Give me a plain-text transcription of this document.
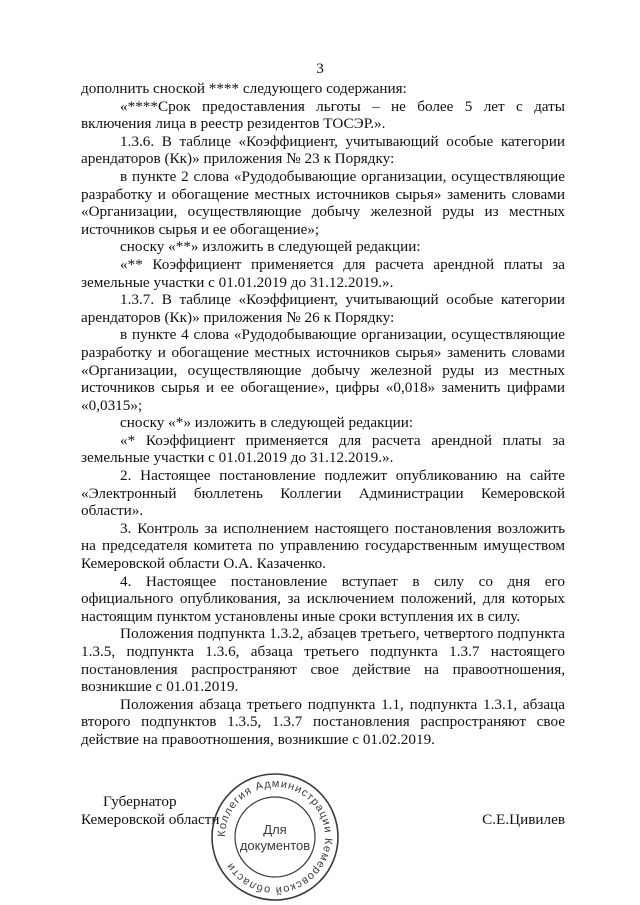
3

дополнить сноской **** следующего содержания:

«****Срок предоставления льготы – не более 5 лет с даты включения лица в реестр резидентов ТОСЭР.».

1.3.6. В таблице «Коэффициент, учитывающий особые категории арендаторов (Кк)» приложения № 23 к Порядку:

в пункте 2 слова «Рудодобывающие организации, осуществляющие разработку и обогащение местных источников сырья» заменить словами «Организации, осуществляющие добычу железной руды из местных источников сырья и ее обогащение»;

сноску «**» изложить в следующей редакции:

«** Коэффициент применяется для расчета арендной платы за земельные участки с 01.01.2019 до 31.12.2019.».

1.3.7. В таблице «Коэффициент, учитывающий особые категории арендаторов (Кк)» приложения № 26 к Порядку:

в пункте 4 слова «Рудодобывающие организации, осуществляющие разработку и обогащение местных источников сырья» заменить словами «Организации, осуществляющие добычу железной руды из местных источников сырья и ее обогащение», цифры «0,018» заменить цифрами «0,0315»;

сноску «*» изложить в следующей редакции:

«* Коэффициент применяется для расчета арендной платы за земельные участки с 01.01.2019 до 31.12.2019.».

2. Настоящее постановление подлежит опубликованию на сайте «Электронный бюллетень Коллегии Администрации Кемеровской области».

3. Контроль за исполнением настоящего постановления возложить на председателя комитета по управлению государственным имуществом Кемеровской области О.А. Казаченко.

4. Настоящее постановление вступает в силу со дня его официального опубликования, за исключением положений, для которых настоящим пунктом установлены иные сроки вступления их в силу.

Положения подпункта 1.3.2, абзацев третьего, четвертого подпункта 1.3.5, подпункта 1.3.6, абзаца третьего подпункта 1.3.7 настоящего постановления распространяют свое действие на правоотношения, возникшие с 01.01.2019.

Положения абзаца третьего подпункта 1.1, подпункта 1.3.1, абзаца второго подпунктов 1.3.5, 1.3.7 постановления распространяют свое действие на правоотношения, возникшие с 01.02.2019.

Губернатор
Кемеровской области	С.Е.Цивилев
Коллегия Администрации Кемеровской области
Для
документов
